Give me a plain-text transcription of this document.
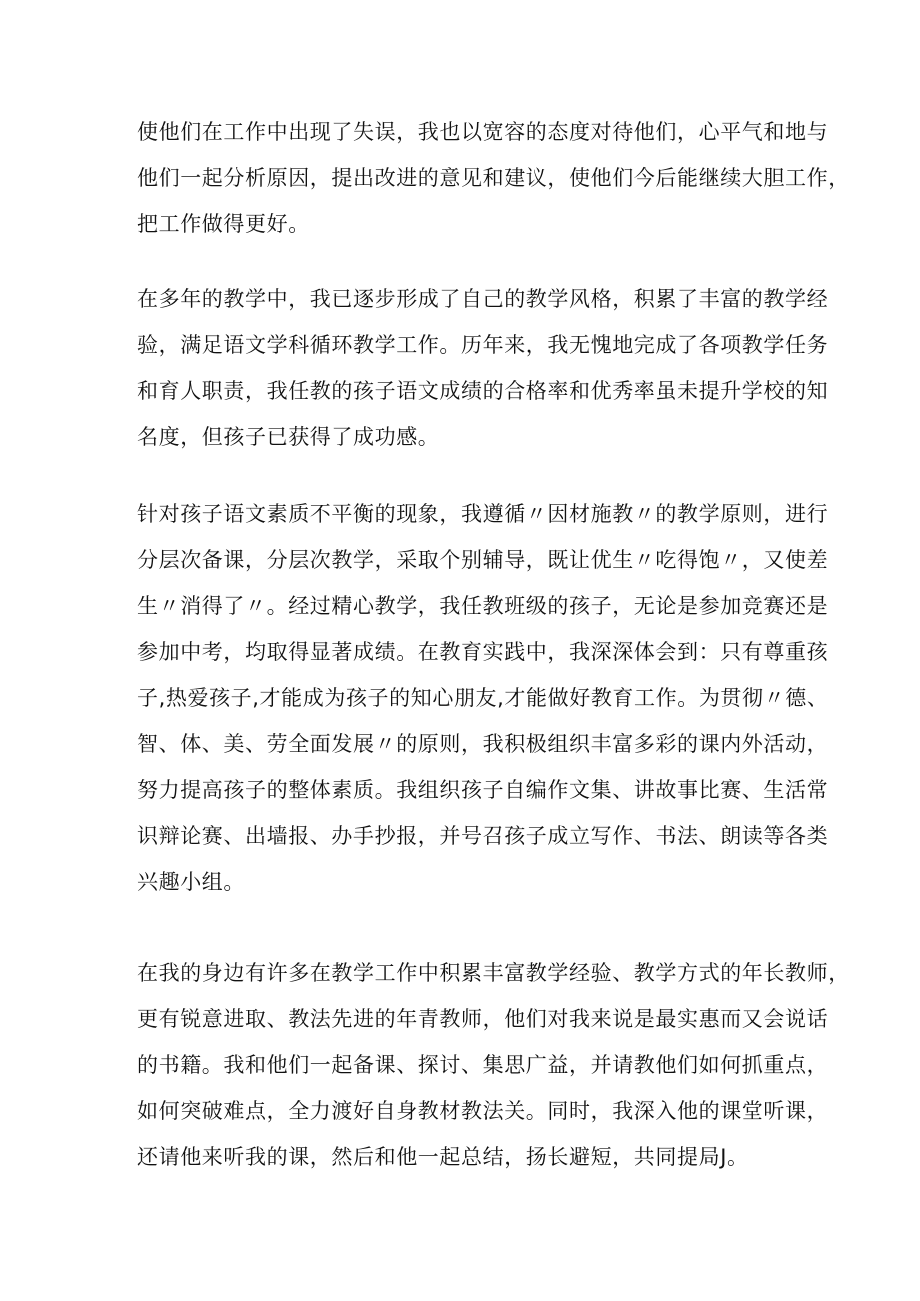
使他们在工作中出现了失误，我也以宽容的态度对待他们，心平气和地与
他们一起分析原因，提出改进的意见和建议，使他们今后能继续大胆工作，
把工作做得更好。

在多年的教学中，我已逐步形成了自己的教学风格，积累了丰富的教学经
验，满足语文学科循环教学工作。历年来，我无愧地完成了各项教学任务
和育人职责，我任教的孩子语文成绩的合格率和优秀率虽未提升学校的知
名度，但孩子已获得了成功感。

针对孩子语文素质不平衡的现象，我遵循〃因材施教〃的教学原则，进行
分层次备课，分层次教学，采取个别辅导，既让优生〃吃得饱〃，又使差
生〃消得了〃。经过精心教学，我任教班级的孩子，无论是参加竞赛还是
参加中考，均取得显著成绩。在教育实践中，我深深体会到：只有尊重孩
子,热爱孩子,才能成为孩子的知心朋友,才能做好教育工作。为贯彻〃德、
智、体、美、劳全面发展〃的原则，我积极组织丰富多彩的课内外活动，
努力提高孩子的整体素质。我组织孩子自编作文集、讲故事比赛、生活常
识辩论赛、出墙报、办手抄报，并号召孩子成立写作、书法、朗读等各类
兴趣小组。

在我的身边有许多在教学工作中积累丰富教学经验、教学方式的年长教师，
更有锐意进取、教法先进的年青教师，他们对我来说是最实惠而又会说话
的书籍。我和他们一起备课、探讨、集思广益，并请教他们如何抓重点，
如何突破难点，全力渡好自身教材教法关。同时，我深入他的课堂听课，
还请他来听我的课，然后和他一起总结，扬长避短，共同提局J。
